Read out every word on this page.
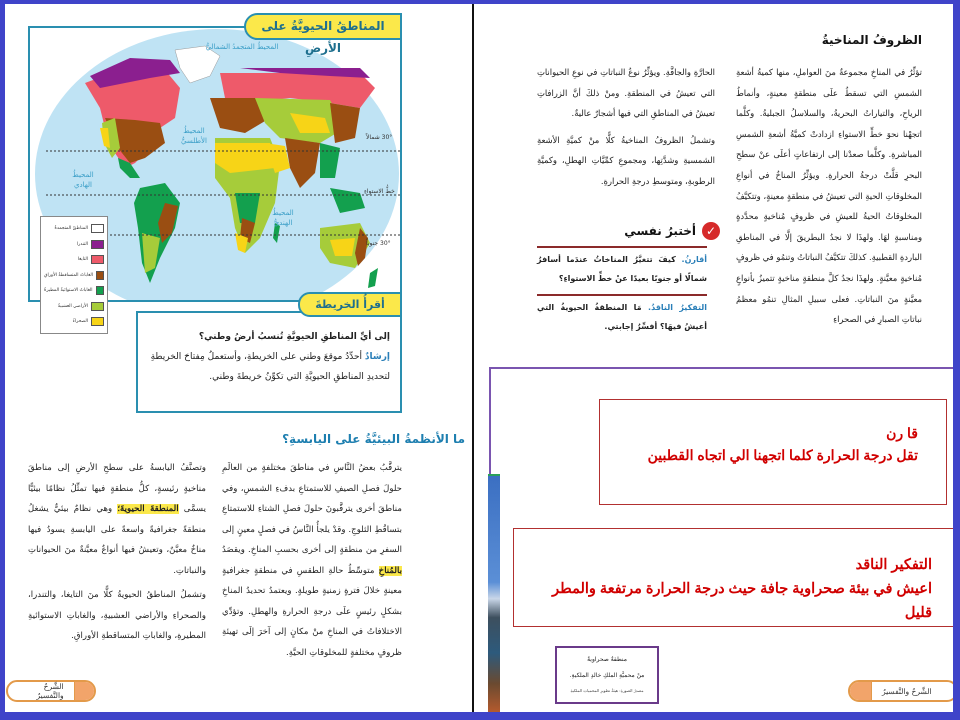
المحيطُ المتجمدُ الشماليُّ
المحيطُ الأطلسيُّ
المحيطُ الهادي
المحيطُ الهنديُّ
30° شمالاً
خطُّ الاستواءِ
30° جنوباً
المناطقُ الحيويَّةُ على الأرضِ
المناطقُ المتجمدةُ
التندرا
التايغا
الغاباتُ المتساقطةُ الأوراقِ
الغاباتُ الاستوائيةُ المطيرةُ
الأراضي العشبيةُ
الصحراءُ
أقرأُ الخريطةَ
إلى أيِّ المناطقِ الحيويَّةِ تُنسبُ أرضُ وطني؟
إرشادٌ أحدِّدُ موقعَ وطني على الخريطةِ، وأستعملُ مِفتاحَ الخريطةِ
لتحديدِ المناطقِ الحيويَّةِ التي تكوِّنُ خريطةَ وطني.
ما الأنظمةُ البيئيَّةُ على اليابسةِ؟
يترقَّبُ بعضُ النَّاسِ في مناطقَ مختلفةٍ من العالَمِ حلولَ فصلِ الصيفِ للاستمتاعِ بدفءِ الشمسِ، وفي مناطقَ أخرى يترقَّبونَ حلولَ فصلِ الشتاءِ للاستمتاعِ بتساقُطِ الثلوجِ. وقدْ يلجأُ النَّاسُ في فصلٍ معينٍ إلى السفرِ من منطقةٍ إلى أخرى بحسبِ المناخِ. ويقصَدُ بالمُناخِ متوسِّطُ حالةِ الطقسِ في منطقةٍ جغرافيةٍ معينةٍ خلالَ فترةٍ زمنيةٍ طويلةٍ. ويعتمدُ تحديدُ المناخِ بشكلٍ رئيسٍ علَى درجةِ الحرارةِ والهطلِ. وتؤدِّي الاختلافاتُ في المناخِ منْ مكانٍ إلى آخرَ إلَى تهيئةِ ظروفٍ مختلفةٍ للمخلوقاتِ الحيَّةِ.

وتصنَّفُ اليابسةُ على سطحِ الأرضِ إلى مناطقَ مناخيةٍ رئيسةٍ، كلُّ منطقةٍ فيها تمثِّلُ نظامًا بيئيًّا يسمَّى المنطقةَ الحيويةَ؛ وهي نظامٌ بيئيٌّ يشغلُ منطقةً جغرافيةً واسعةً على اليابسةِ يسودُ فيها مناخٌ معيَّنٌ، وتعيشُ فيها أنواعٌ معيَّنةٌ منَ الحيواناتِ والنباتاتِ.

وتشملُ المناطقُ الحيويةُ كلًّا منَ التايغا، والتندرا، والصحراءِ والأراضي العشبيةِ، والغاباتِ الاستوائيةِ المطيرةِ، والغاباتِ المتساقطةِ الأوراقِ.

الشَّرحُ والتَّفسيرُ
الظروفُ المناخيةُ
تؤثِّرُ في المناخِ مجموعةٌ منَ العواملِ، منها كميةُ أشعةِ الشمسِ التي تسقطُ علَى منطقةٍ معينةٍ، وأنماطُ الرياحِ، والتياراتُ البحريةُ، والسلاسلُ الجبليةُ. وكلَّما اتجهْنا نحوَ خطِّ الاستواءِ ازدادتْ كميَّةُ أشعةِ الشمسِ المباشرةِ. وكلَّما صعدْنا إلى ارتفاعاتٍ أعلَى عنْ سطحِ البحرِ قلَّتْ درجةُ الحرارةِ. ويؤثِّرُ المناخُ في أنواعِ المخلوقاتِ الحيةِ التي تعيشُ في منطقةٍ معينةٍ، وتتكيَّفُ المخلوقاتُ الحيةُ للعيشِ في ظروفٍ مُناخيةٍ محدَّدةٍ ومناسبةٍ لهَا. ولهذَا لا نجدُ البطريقَ إلَّا في المناطقِ الباردةِ القطبيةِ. كذلكَ تتكيَّفُ النباتاتُ وتنمُو في ظروفٍ مُناخيةٍ معيَّنةٍ. ولهذَا نجدُ كلَّ منطقةٍ مناخيةٍ تتميزُ بأنواعٍ معيَّنةٍ منَ النباتاتِ. فعلى سبيلِ المثالِ تنمُو معظمُ نباتاتِ الصبارِ في الصحراءِ

الحارَّةِ والجافَّةِ. ويؤثِّرُ نوعُ النباتاتِ في نوعِ الحيواناتِ التي تعيشُ في المنطقةِ. ومنْ ذلكَ أنَّ الزرافاتِ تعيشُ في المناطقِ التي فيها أشجارٌ عاليةٌ.

وتشملُ الظروفُ المناخيةُ كلًّا منْ كميَّةِ الأشعةِ الشمسيةِ وشدَّتِها، ومجموعِ كمِّيَّاتِ الهطلِ، وكميَّةِ الرطوبةِ، ومتوسطِ درجةِ الحرارةِ.

✓
أختبرُ نفسي
أقارنُ. كيفَ تتغيَّرُ المناخاتُ عندَما أسافرُ شمالًا أو جنوبًا بعيدًا عنْ خطِّ الاستواءِ؟
التفكيرُ الناقدُ. مَا المنطقةُ الحيويةُ التي أعيشُ فيهَا؟ أفسِّرُ إجابتي.
قا رن
تقل درجة الحرارة كلما اتجهنا الي اتجاه القطبين
التفكير الناقد
اعيش في بيئة صحراوية جافة حيث درجة الحرارة مرتفعة والمطر قليل
منطقةٌ صحراويةٌ
منْ محميَّةِ الملكِ خالدِ الملكيةِ.
مصدرُ الصورةِ: هيئةُ تطويرِ المحمياتِ الملكيةِ	الشَّرحُ والتَّفسيرُ
